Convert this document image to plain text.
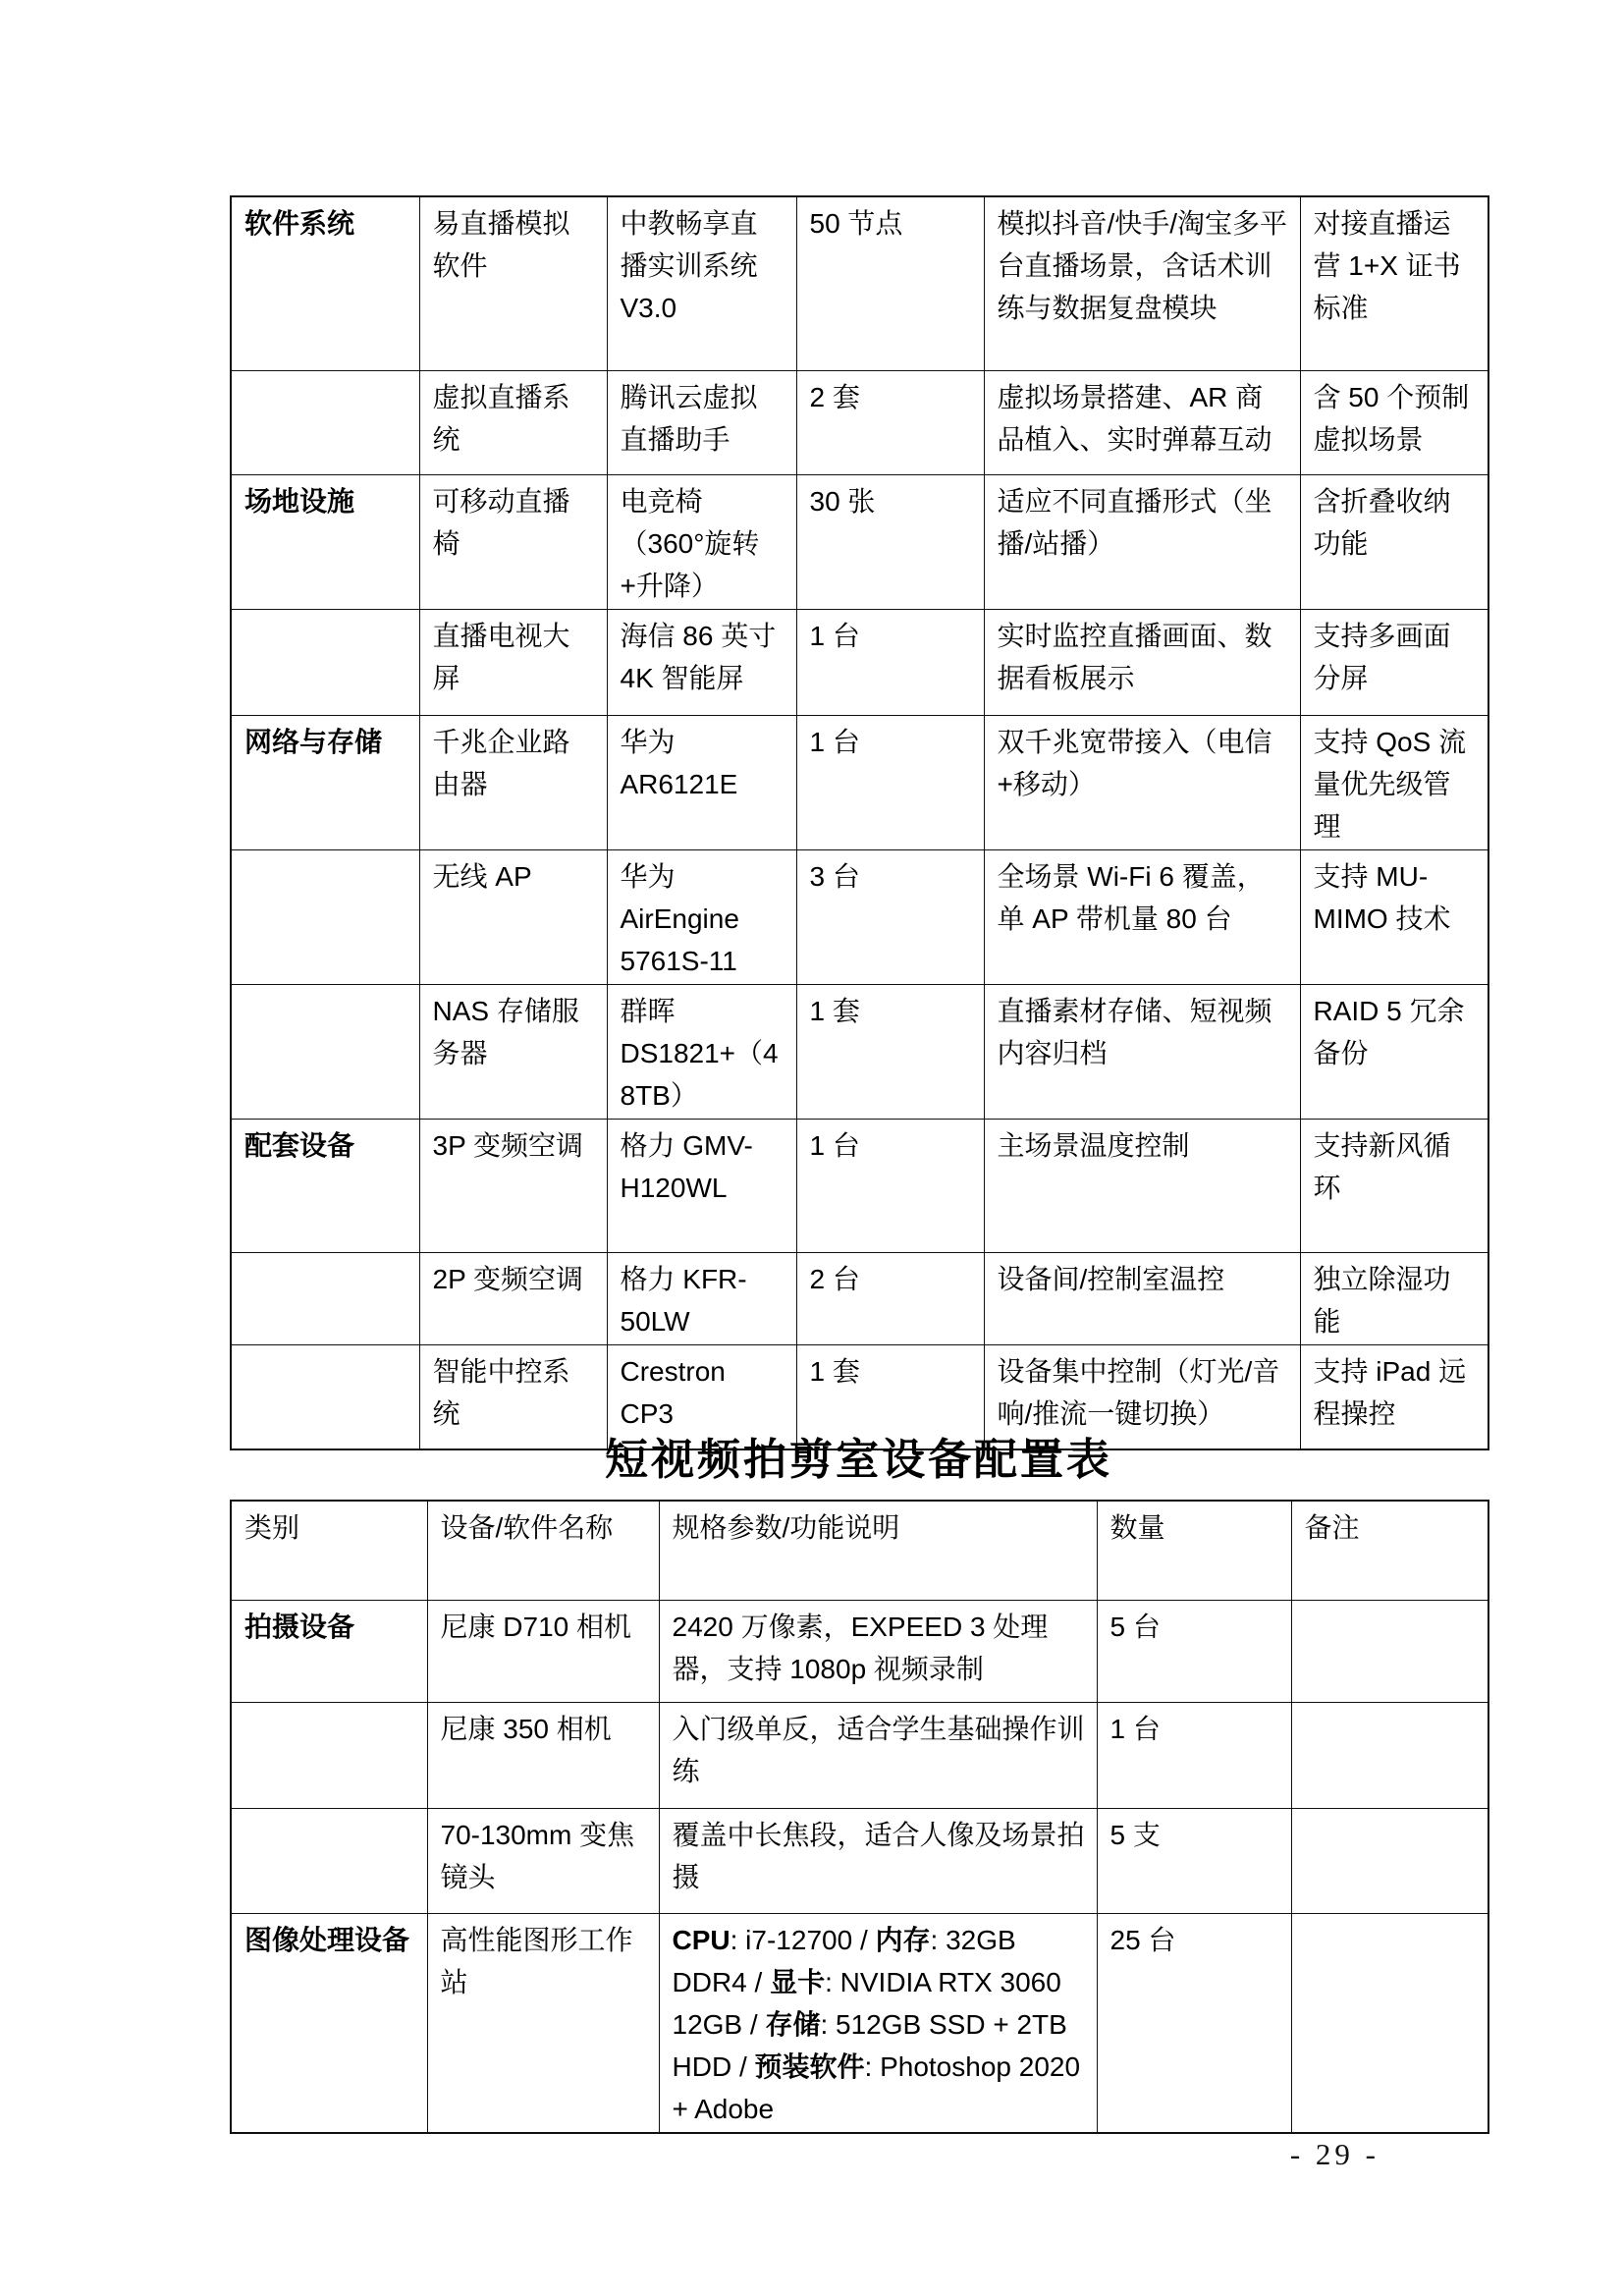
软件系统	易直播模拟软件	中教畅享直播实训系统 V3.0	50 节点	模拟抖音/快手/淘宝多平台直播场景，含话术训练与数据复盘模块	对接直播运营 1+X 证书标准
	虚拟直播系统	腾讯云虚拟直播助手	2 套	虚拟场景搭建、AR 商品植入、实时弹幕互动	含 50 个预制虚拟场景
场地设施	可移动直播椅	电竞椅（360°旋转+升降）	30 张	适应不同直播形式（坐播/站播）	含折叠收纳功能
	直播电视大屏	海信 86 英寸 4K 智能屏	1 台	实时监控直播画面、数据看板展示	支持多画面分屏
网络与存储	千兆企业路由器	华为 AR6121E	1 台	双千兆宽带接入（电信+移动）	支持 QoS 流量优先级管理
	无线 AP	华为 AirEngine 5761S-11	3 台	全场景 Wi-Fi 6 覆盖，单 AP 带机量 80 台	支持 MU-MIMO 技术
	NAS 存储服务器	群晖 DS1821+（48TB）	1 套	直播素材存储、短视频内容归档	RAID 5 冗余备份
配套设备	3P 变频空调	格力 GMV-H120WL	1 台	主场景温度控制	支持新风循环
	2P 变频空调	格力 KFR-50LW	2 台	设备间/控制室温控	独立除湿功能
	智能中控系统	Crestron CP3	1 套	设备集中控制（灯光/音响/推流一键切换）	支持 iPad 远程操控
短视频拍剪室设备配置表
类别	设备/软件名称	规格参数/功能说明	数量	备注
拍摄设备	尼康 D710 相机	2420 万像素，EXPEED 3 处理器，支持 1080p 视频录制	5 台	
	尼康 350 相机	入门级单反，适合学生基础操作训练	1 台	
	70-130mm 变焦镜头	覆盖中长焦段，适合人像及场景拍摄	5 支	
图像处理设备	高性能图形工作站	CPU: i7-12700 / 内存: 32GB DDR4 / 显卡: NVIDIA RTX 3060 12GB / 存储: 512GB SSD + 2TB HDD / 预装软件: Photoshop 2020 + Adobe	25 台	
- 29 -
